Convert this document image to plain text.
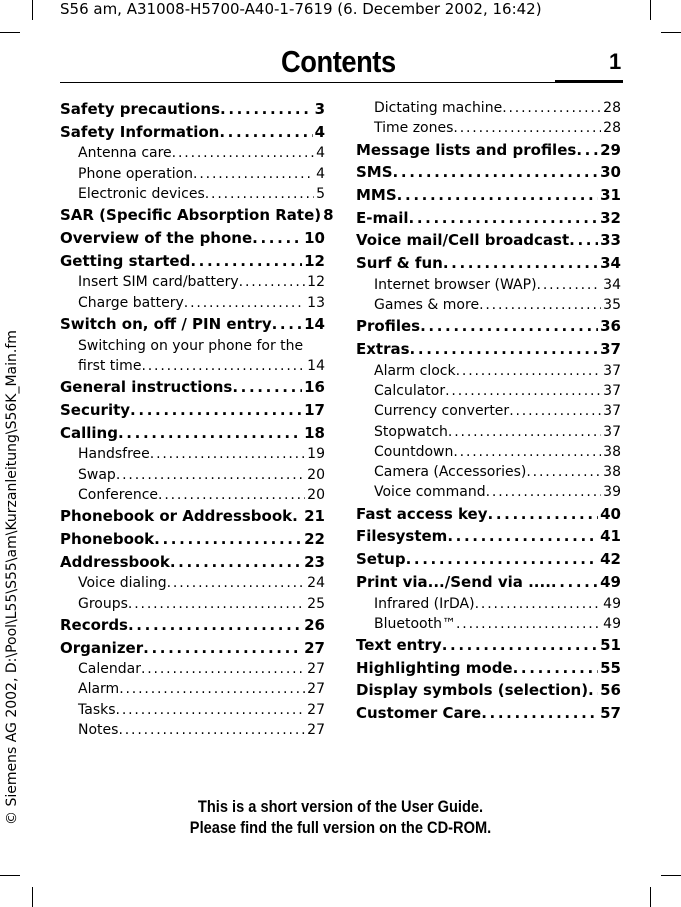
S56 am, A31008-H5700-A40-1-7619 (6. December 2002, 16:42)
© Siemens AG 2002, D:\Pool\L55\S55\am\Kurzanleitung\S56K_Main.fm
Contents	1
Safety precautions . . .	3
Safety Information . . .	4
Antenna care . . .	4
Phone operation . . .	4
Electronic devices . . .	5
SAR (Specific Absorption Rate) 8
Overview of the phone . . .	10
Getting started . . .	12
Insert SIM card/battery . . .	12
Charge battery . . .	13
Switch on, off / PIN entry . . . 14
Switching on your phone for the
first time . . .	14
General instructions . . .	16
Security . . .	17
Calling . . .	18
Handsfree . . .	19
Swap . . .	20
Conference . . .	20
Phonebook or Addressbook . . . 21
Phonebook . . .	22
Addressbook . . .	23
Voice dialing . . .	24
Groups . . .	25
Records . . .	26
Organizer . . .	27
Calendar . . .	27
Alarm . . .	27
Tasks . . .	27
Notes . . .	27
Dictating machine . . .	28
Time zones . . .	28
Message lists and profiles . . . 29
SMS . . .	30
MMS . . .	31
E-mail . . .	32
Voice mail/Cell broadcast . . . 33
Surf & fun . . .	34
Internet browser (WAP) . . .	34
Games & more . . .	35
Profiles . . .	36
Extras . . .	37
Alarm clock . . .	37
Calculator . . .	37
Currency converter . . .	37
Stopwatch . . .	37
Countdown . . .	38
Camera (Accessories) . . .	38
Voice command . . .	39
Fast access key . . .	40
Filesystem . . .	41
Setup . . .	42
Print via.../Send via .... . . .	49
Infrared (IrDA) . . .	49
Bluetooth™ . . .	49
Text entry . . .	51
Highlighting mode . . .	55
Display symbols (selection) . . . 56
Customer Care . . .	57
This is a short version of the User Guide.
Please find the full version on the CD-ROM.
